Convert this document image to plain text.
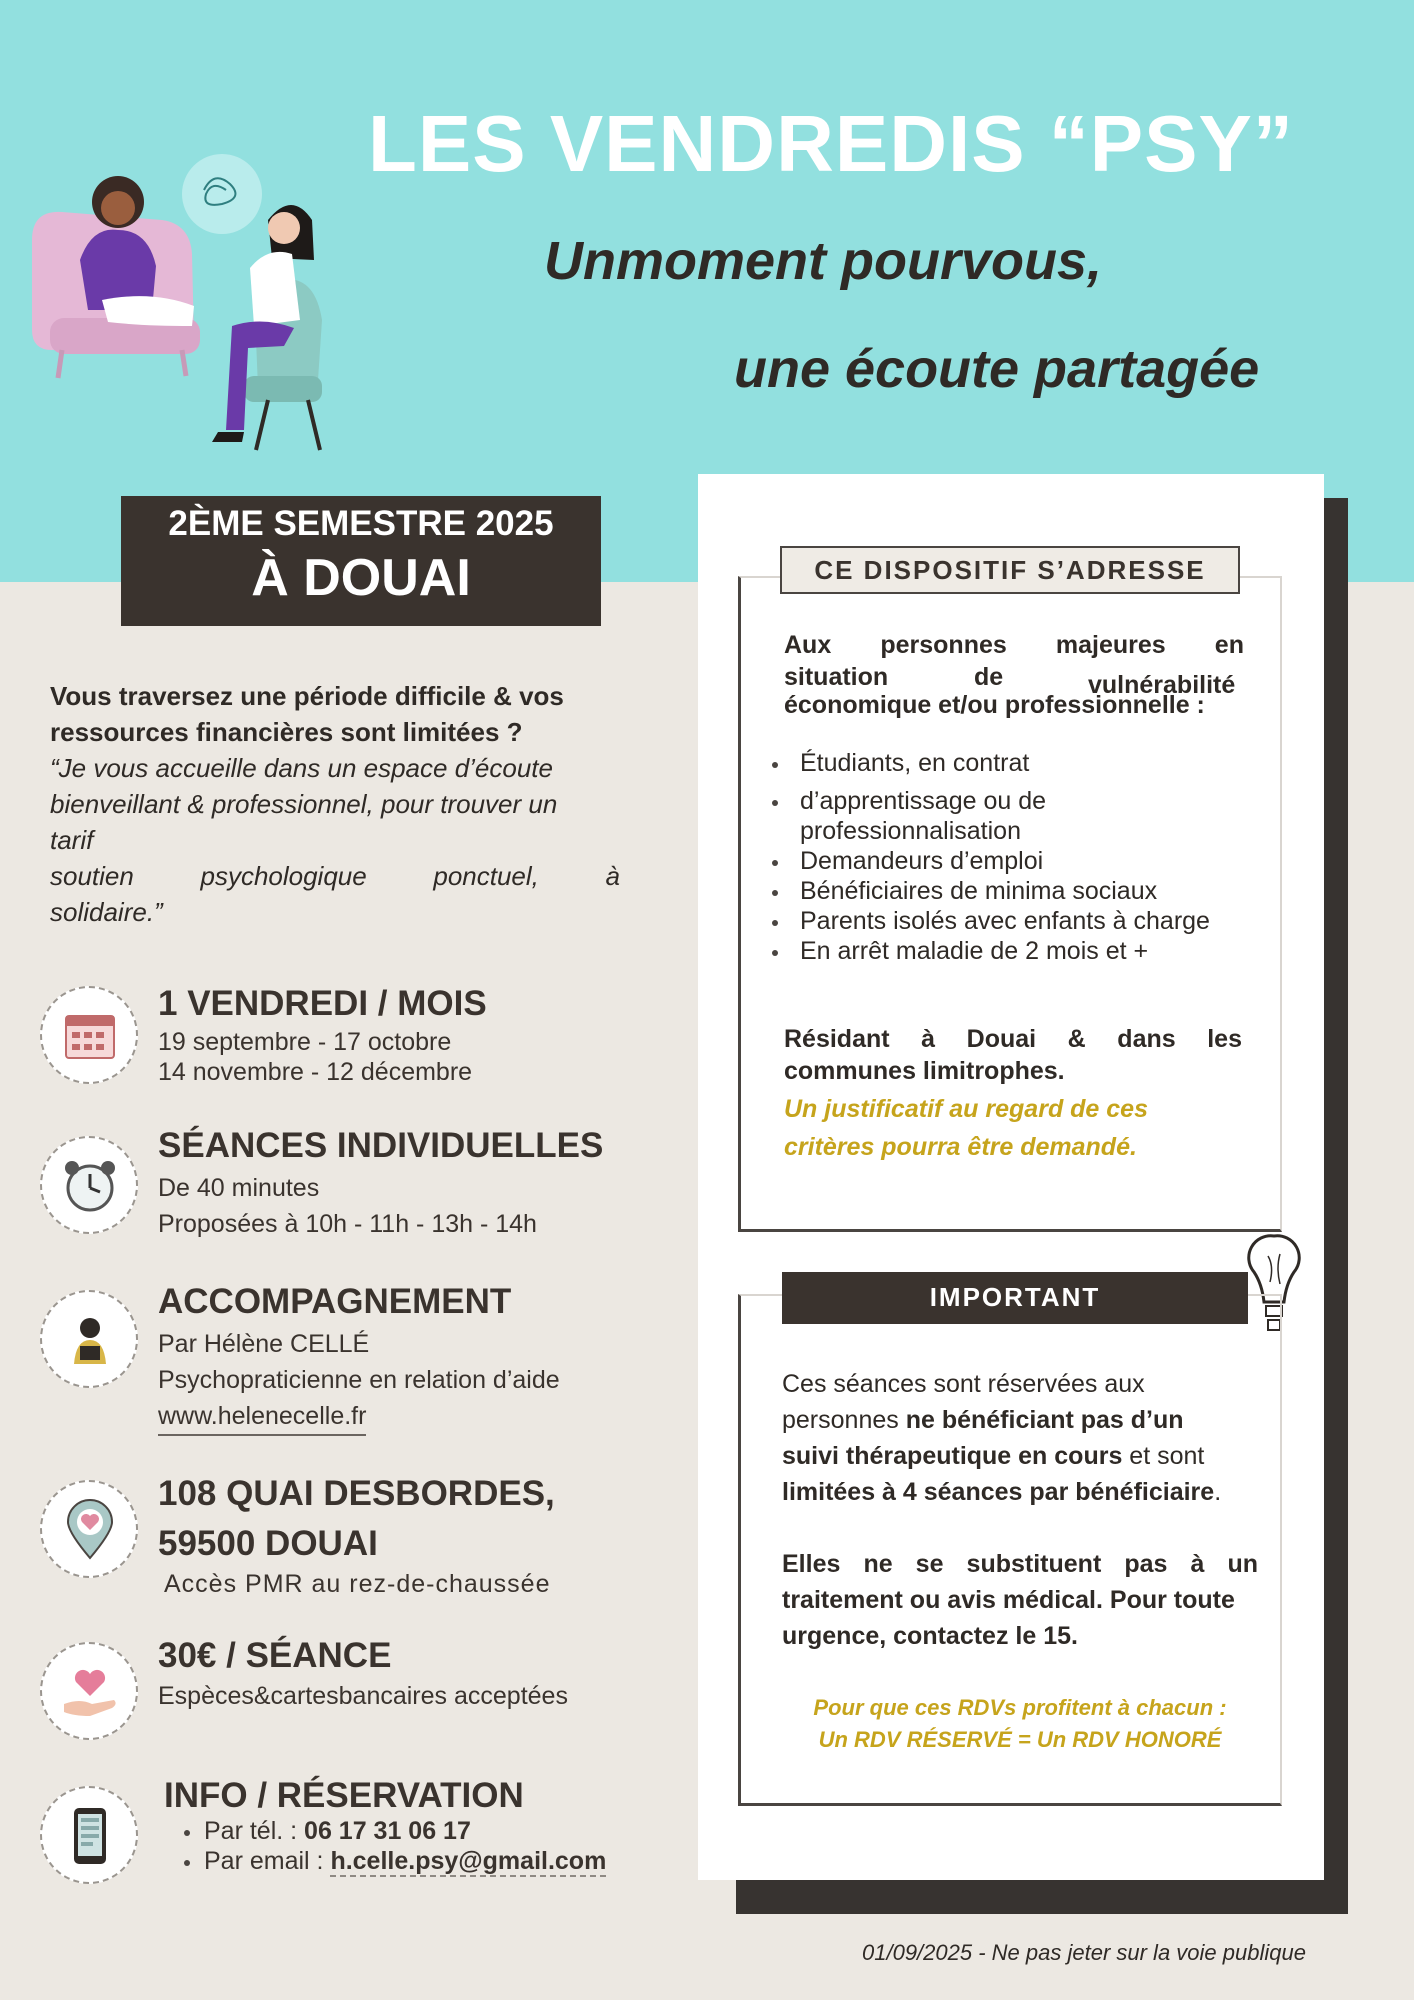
LES VENDREDIS “PSY”
Unmoment pourvous,
une écoute partagée
2ÈME SEMESTRE 2025
À DOUAI
Vous traversez une période difficile & vos
ressources financières sont limitées ?
“Je vous accueille dans un espace d’écoute
bienveillant & professionnel, pour trouver un
tarif
soutien psychologique ponctuel, à
solidaire.”
1 VENDREDI / MOIS
19 septembre - 17 octobre
14 novembre - 12 décembre
SÉANCES INDIVIDUELLES
De 40 minutes
Proposées à 10h - 11h - 13h - 14h
ACCOMPAGNEMENT
Par Hélène CELLÉ
Psychopraticienne en relation d’aide
www.helenecelle.fr
108 QUAI DESBORDES,
59500 DOUAI
Accès PMR au rez-de-chaussée
30€ / SÉANCE
Espèces&cartesbancaires acceptées
INFO / RÉSERVATION
Par tél. : 06 17 31 06 17
Par email : h.celle.psy@gmail.com
CE DISPOSITIF S’ADRESSE
Aux personnes majeures en
situation	de	vulnérabilité
économique et/ou professionnelle :
Étudiants, en contrat
d’apprentissage ou de professionnalisation
Demandeurs d’emploi
Bénéficiaires de minima sociaux
Parents isolés avec enfants à charge
En arrêt maladie de 2 mois et +
Résidant à Douai & dans les
communes limitrophes.
Un justificatif au regard de ces
critères pourra être demandé.
IMPORTANT
Ces séances sont réservées aux
personnes ne bénéficiant pas d’un
suivi thérapeutique en cours et sont
limitées à 4 séances par bénéficiaire.
Elles ne se substituent pas à un
traitement ou avis médical. Pour toute
urgence, contactez le 15.
Pour que ces RDVs profitent à chacun :
Un RDV RÉSERVÉ = Un RDV HONORÉ
01/09/2025 - Ne pas jeter sur la voie publique
